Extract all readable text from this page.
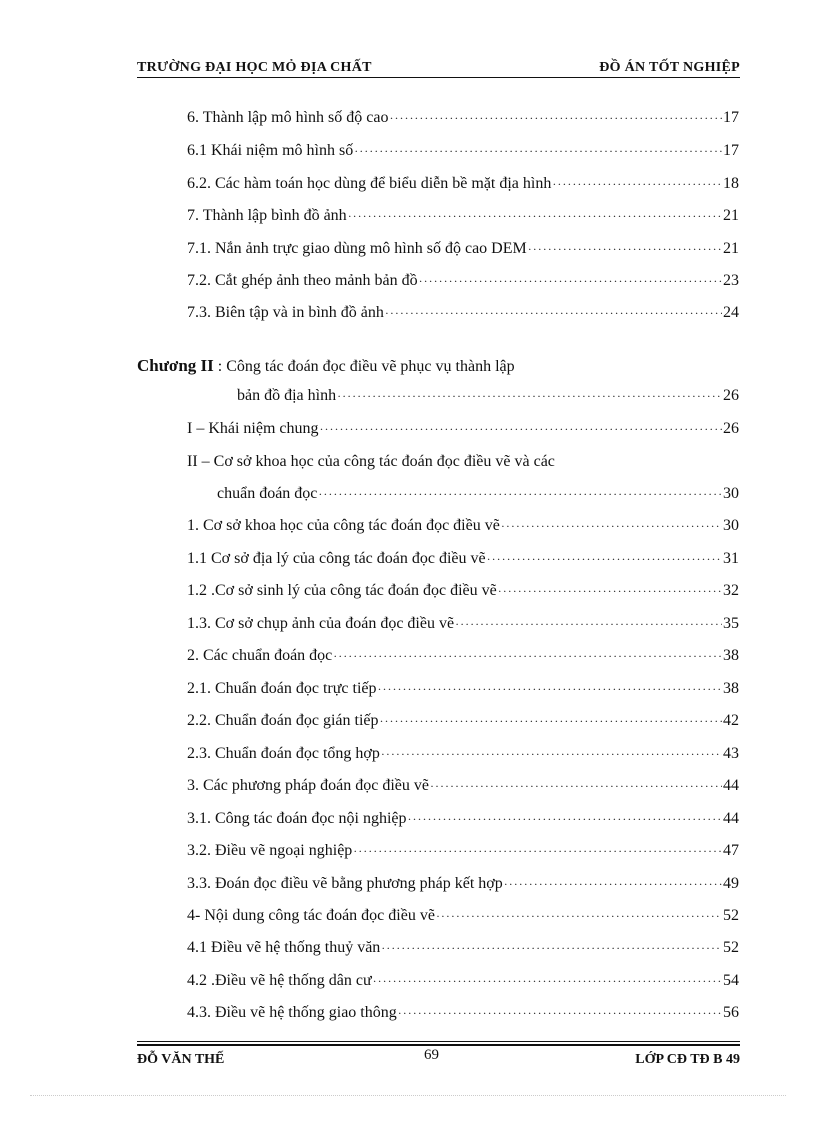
TRƯỜNG ĐẠI HỌC MỎ ĐỊA CHẤT	ĐỒ ÁN TỐT NGHIỆP
6. Thành lập mô hình số độ cao ·····	17
6.1 Khái niệm mô hình số ·····	17
6.2. Các hàm toán học dùng để biểu diễn bề mặt địa hình ·····	18
7. Thành lập bình đồ ảnh ·····	21
7.1. Nắn ảnh trực giao dùng mô hình số độ cao DEM ·····	21
7.2. Cắt ghép ảnh theo mảnh bản đồ ·····	23
7.3. Biên tập và in bình đồ ảnh ·····	24
Chương II : Công tác đoán đọc điều vẽ phục vụ thành lập
bản đồ địa hình ·····	26
I – Khái niệm chung ·····	26
II – Cơ sở khoa học của công tác đoán đọc điều vẽ và các
chuẩn đoán đọc ·····	30
1. Cơ sở khoa học của công tác đoán đọc điều vẽ ·····	30
1.1 Cơ sở địa lý của công tác đoán đọc điều vẽ ·····	31
1.2 .Cơ sở sinh lý của công tác đoán đọc điều vẽ ·····	32
1.3. Cơ sở chụp ảnh của đoán đọc điều vẽ ·····	35
2. Các chuẩn đoán đọc ·····	38
2.1. Chuẩn đoán đọc trực tiếp ·····	38
2.2. Chuẩn đoán đọc gián tiếp ·····	42
2.3. Chuẩn đoán đọc tổng hợp ·····	43
3. Các phương pháp đoán đọc điều vẽ ·····	44
3.1. Công tác đoán đọc nội nghiệp ·····	44
3.2. Điều vẽ ngoại nghiệp ·····	47
3.3. Đoán đọc điều vẽ bằng phương pháp kết hợp ·····	49
4- Nội dung công tác đoán đọc điều vẽ ·····	52
4.1 Điều vẽ hệ thống thuỷ văn ·····	52
4.2 .Điều vẽ hệ thống dân cư ·····	54
4.3. Điều vẽ hệ thống giao thông ·····	56
ĐỖ VĂN THẾ	69	LỚP CĐ TĐ B 49
